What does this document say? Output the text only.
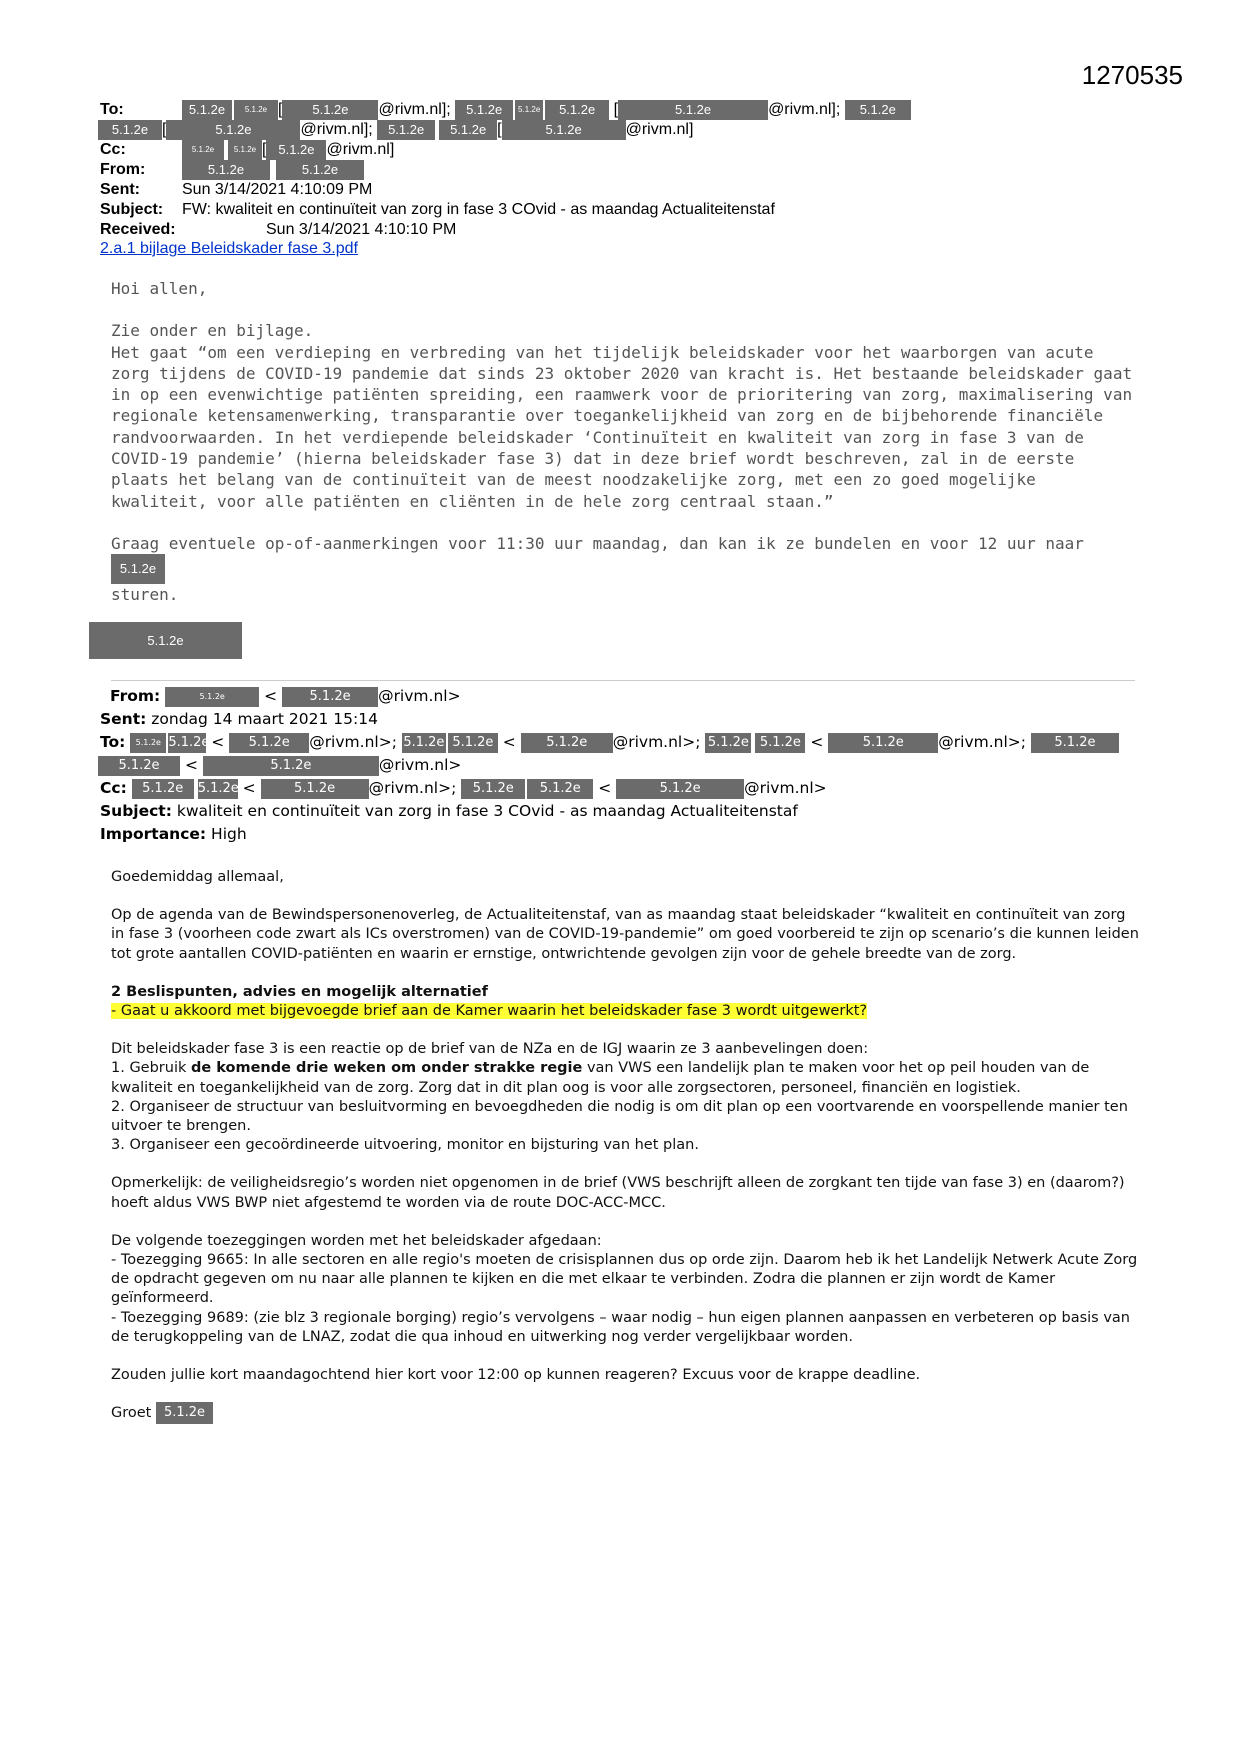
1270535
To:	5.1.2e 5.1.2e [ 5.1.2e @rivm.nl]; 5.1.2e 5.1.2e 5.1.2e [	5.1.2e	@rivm.nl]; 5.1.2e
5.1.2e [	5.1.2e	@rivm.nl]; 5.1.2e 5.1.2e [	5.1.2e	@rivm.nl]
Cc:	5.1.2e 5.1.2e [ 5.1.2e @rivm.nl]
From:	5.1.2e	5.1.2e
Sent:	Sun 3/14/2021 4:10:09 PM
Subject: FW: kwaliteit en continuïteit van zorg in fase 3 COvid - as maandag Actualiteitenstaf
Received:	Sun 3/14/2021 4:10:10 PM
2.a.1 bijlage Beleidskader fase 3.pdf

Hoi allen,

Zie onder en bijlage.

Het gaat “om een verdieping en verbreding van het tijdelijk beleidskader voor het waarborgen van acute zorg tijdens de COVID-19 pandemie dat sinds 23 oktober 2020 van kracht is. Het bestaande beleidskader gaat in op een evenwichtige patiënten spreiding, een raamwerk voor de prioritering van zorg, maximalisering van regionale ketensamenwerking, transparantie over toegankelijkheid van zorg en de bijbehorende financiële randvoorwaarden. In het verdiepende beleidskader ‘Continuïteit en kwaliteit van zorg in fase 3 van de COVID-19 pandemie’ (hierna beleidskader fase 3) dat in deze brief wordt beschreven, zal in de eerste plaats het belang van de continuïteit van de meest noodzakelijke zorg, met een zo goed mogelijke kwaliteit, voor alle patiënten en cliënten in de hele zorg centraal staan.”

Graag eventuele op-of-aanmerkingen voor 11:30 uur maandag, dan kan ik ze bundelen en voor 12 uur naar 5.1.2e
sturen.

5.1.2e
From:	5.1.2e	< 5.1.2e @rivm.nl>
Sent: zondag 14 maart 2021 15:14
To: 5.1.2e 5.1.2e < 5.1.2e @rivm.nl>; 5.1.2e 5.1.2e < 5.1.2e @rivm.nl>; 5.1.2e 5.1.2e <	5.1.2e @rivm.nl>; 5.1.2e
5.1.2e <	5.1.2e	@rivm.nl>
Cc: 5.1.2e 5.1.2e <	5.1.2e @rivm.nl>; 5.1.2e 5.1.2e <	5.1.2e	@rivm.nl>
Subject: kwaliteit en continuïteit van zorg in fase 3 COvid - as maandag Actualiteitenstaf
Importance: High

Goedemiddag allemaal,

Op de agenda van de Bewindspersonenoverleg, de Actualiteitenstaf, van as maandag staat beleidskader “kwaliteit en continuïteit van zorg in fase 3 (voorheen code zwart als ICs overstromen) van de COVID-19-pandemie” om goed voorbereid te zijn op scenario’s die kunnen leiden tot grote aantallen COVID-patiënten en waarin er ernstige, ontwrichtende gevolgen zijn voor de gehele breedte van de zorg.

2 Beslispunten, advies en mogelijk alternatief

- Gaat u akkoord met bijgevoegde brief aan de Kamer waarin het beleidskader fase 3 wordt uitgewerkt?

Dit beleidskader fase 3 is een reactie op de brief van de NZa en de IGJ waarin ze 3 aanbevelingen doen:

1. Gebruik de komende drie weken om onder strakke regie van VWS een landelijk plan te maken voor het op peil houden van de kwaliteit en toegankelijkheid van de zorg. Zorg dat in dit plan oog is voor alle zorgsectoren, personeel, financiën en logistiek.

2. Organiseer de structuur van besluitvorming en bevoegdheden die nodig is om dit plan op een voortvarende en voorspellende manier ten uitvoer te brengen.

3. Organiseer een gecoördineerde uitvoering, monitor en bijsturing van het plan.

Opmerkelijk: de veiligheidsregio’s worden niet opgenomen in de brief (VWS beschrijft alleen de zorgkant ten tijde van fase 3) en (daarom?) hoeft aldus VWS BWP niet afgestemd te worden via de route DOC-ACC-MCC.

De volgende toezeggingen worden met het beleidskader afgedaan:

- Toezegging 9665: In alle sectoren en alle regio's moeten de crisisplannen dus op orde zijn. Daarom heb ik het Landelijk Netwerk Acute Zorg de opdracht gegeven om nu naar alle plannen te kijken en die met elkaar te verbinden. Zodra die plannen er zijn wordt de Kamer geïnformeerd.

- Toezegging 9689: (zie blz 3 regionale borging) regio’s vervolgens – waar nodig – hun eigen plannen aanpassen en verbeteren op basis van de terugkoppeling van de LNAZ, zodat die qua inhoud en uitwerking nog verder vergelijkbaar worden.

Zouden jullie kort maandagochtend hier kort voor 12:00 op kunnen reageren? Excuus voor de krappe deadline.

Groet 5.1.2e
